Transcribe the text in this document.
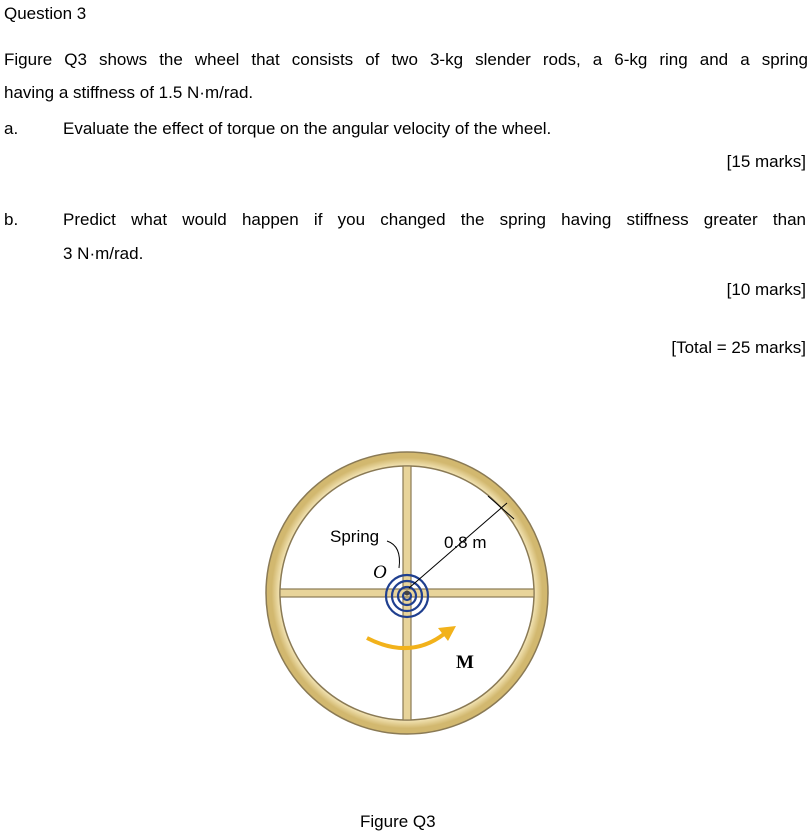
Question 3
Figure Q3 shows the wheel that consists of two 3-kg slender rods, a 6-kg ring and a spring
having a stiffness of 1.5 N·m/rad.
a.	Evaluate the effect of torque on the angular velocity of the wheel.
[15 marks]
b.	Predict what would happen if you changed the spring having stiffness greater than
3 N·m/rad.
[10 marks]
[Total = 25 marks]
Spring	0.8 m
O
M
Figure Q3
